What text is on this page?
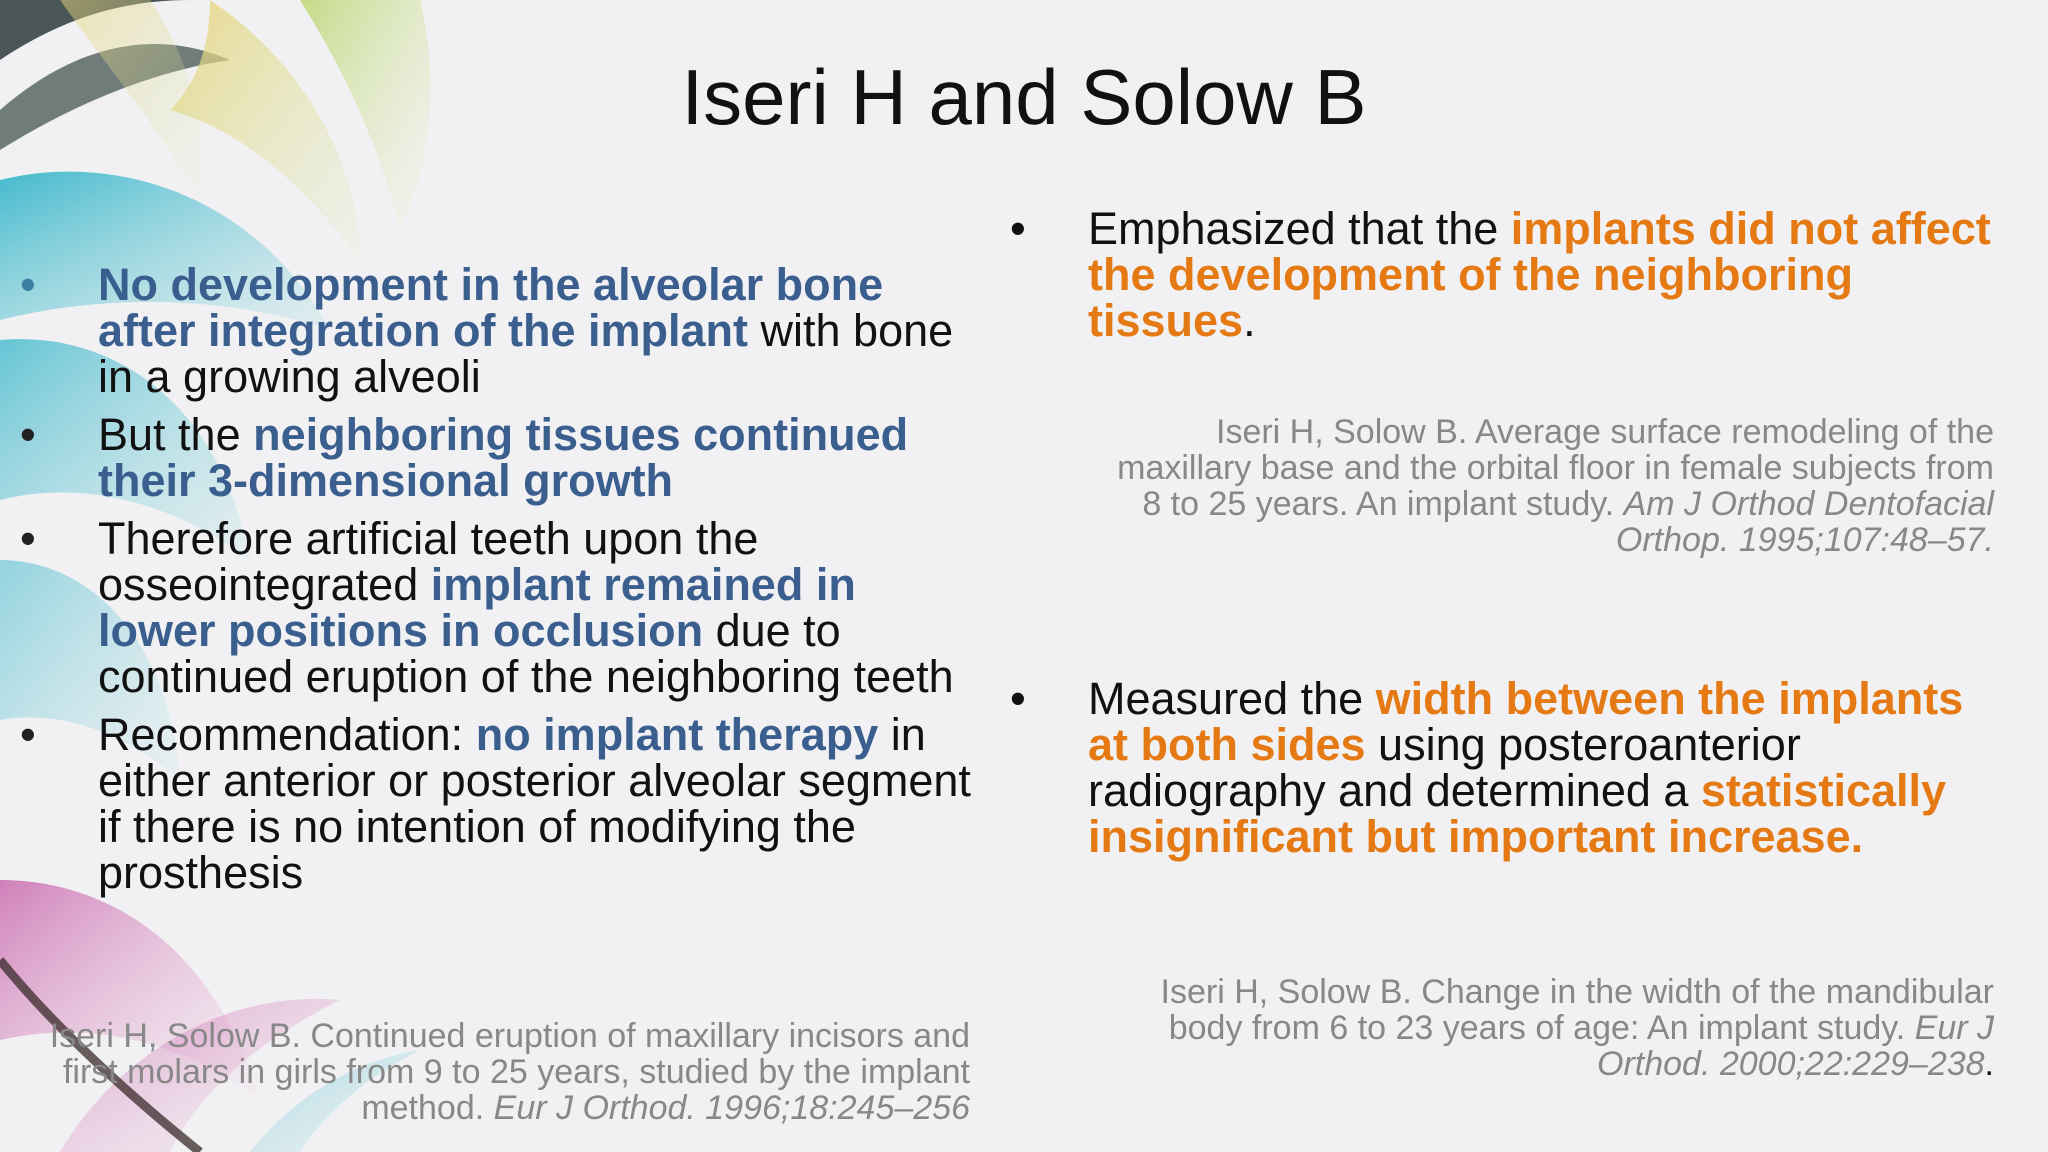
Iseri H and Solow B
•	No development in the alveolar bone after integration of the implant with bone in a growing alveoli
•	But the neighboring tissues continued their 3-dimensional growth
•	Therefore artificial teeth upon the osseointegrated implant remained in lower positions in occlusion due to continued eruption of the neighboring teeth
•	Recommendation: no implant therapy in either anterior or posterior alveolar segment if there is no intention of modifying the prosthesis
Iseri H, Solow B. Continued eruption of maxillary incisors and first molars in girls from 9 to 25 years, studied by the implant method. Eur J Orthod. 1996;18:245–256
•	Emphasized that the implants did not affect the development of the neighboring tissues.
Iseri H, Solow B. Average surface remodeling of the maxillary base and the orbital floor in female subjects from 8 to 25 years. An implant study. Am J Orthod Dentofacial Orthop. 1995;107:48–57.
•	Measured the width between the implants at both sides using posteroanterior radiography and determined a statistically insignificant but important increase.
Iseri H, Solow B. Change in the width of the mandibular body from 6 to 23 years of age: An implant study. Eur J Orthod. 2000;22:229–238.
